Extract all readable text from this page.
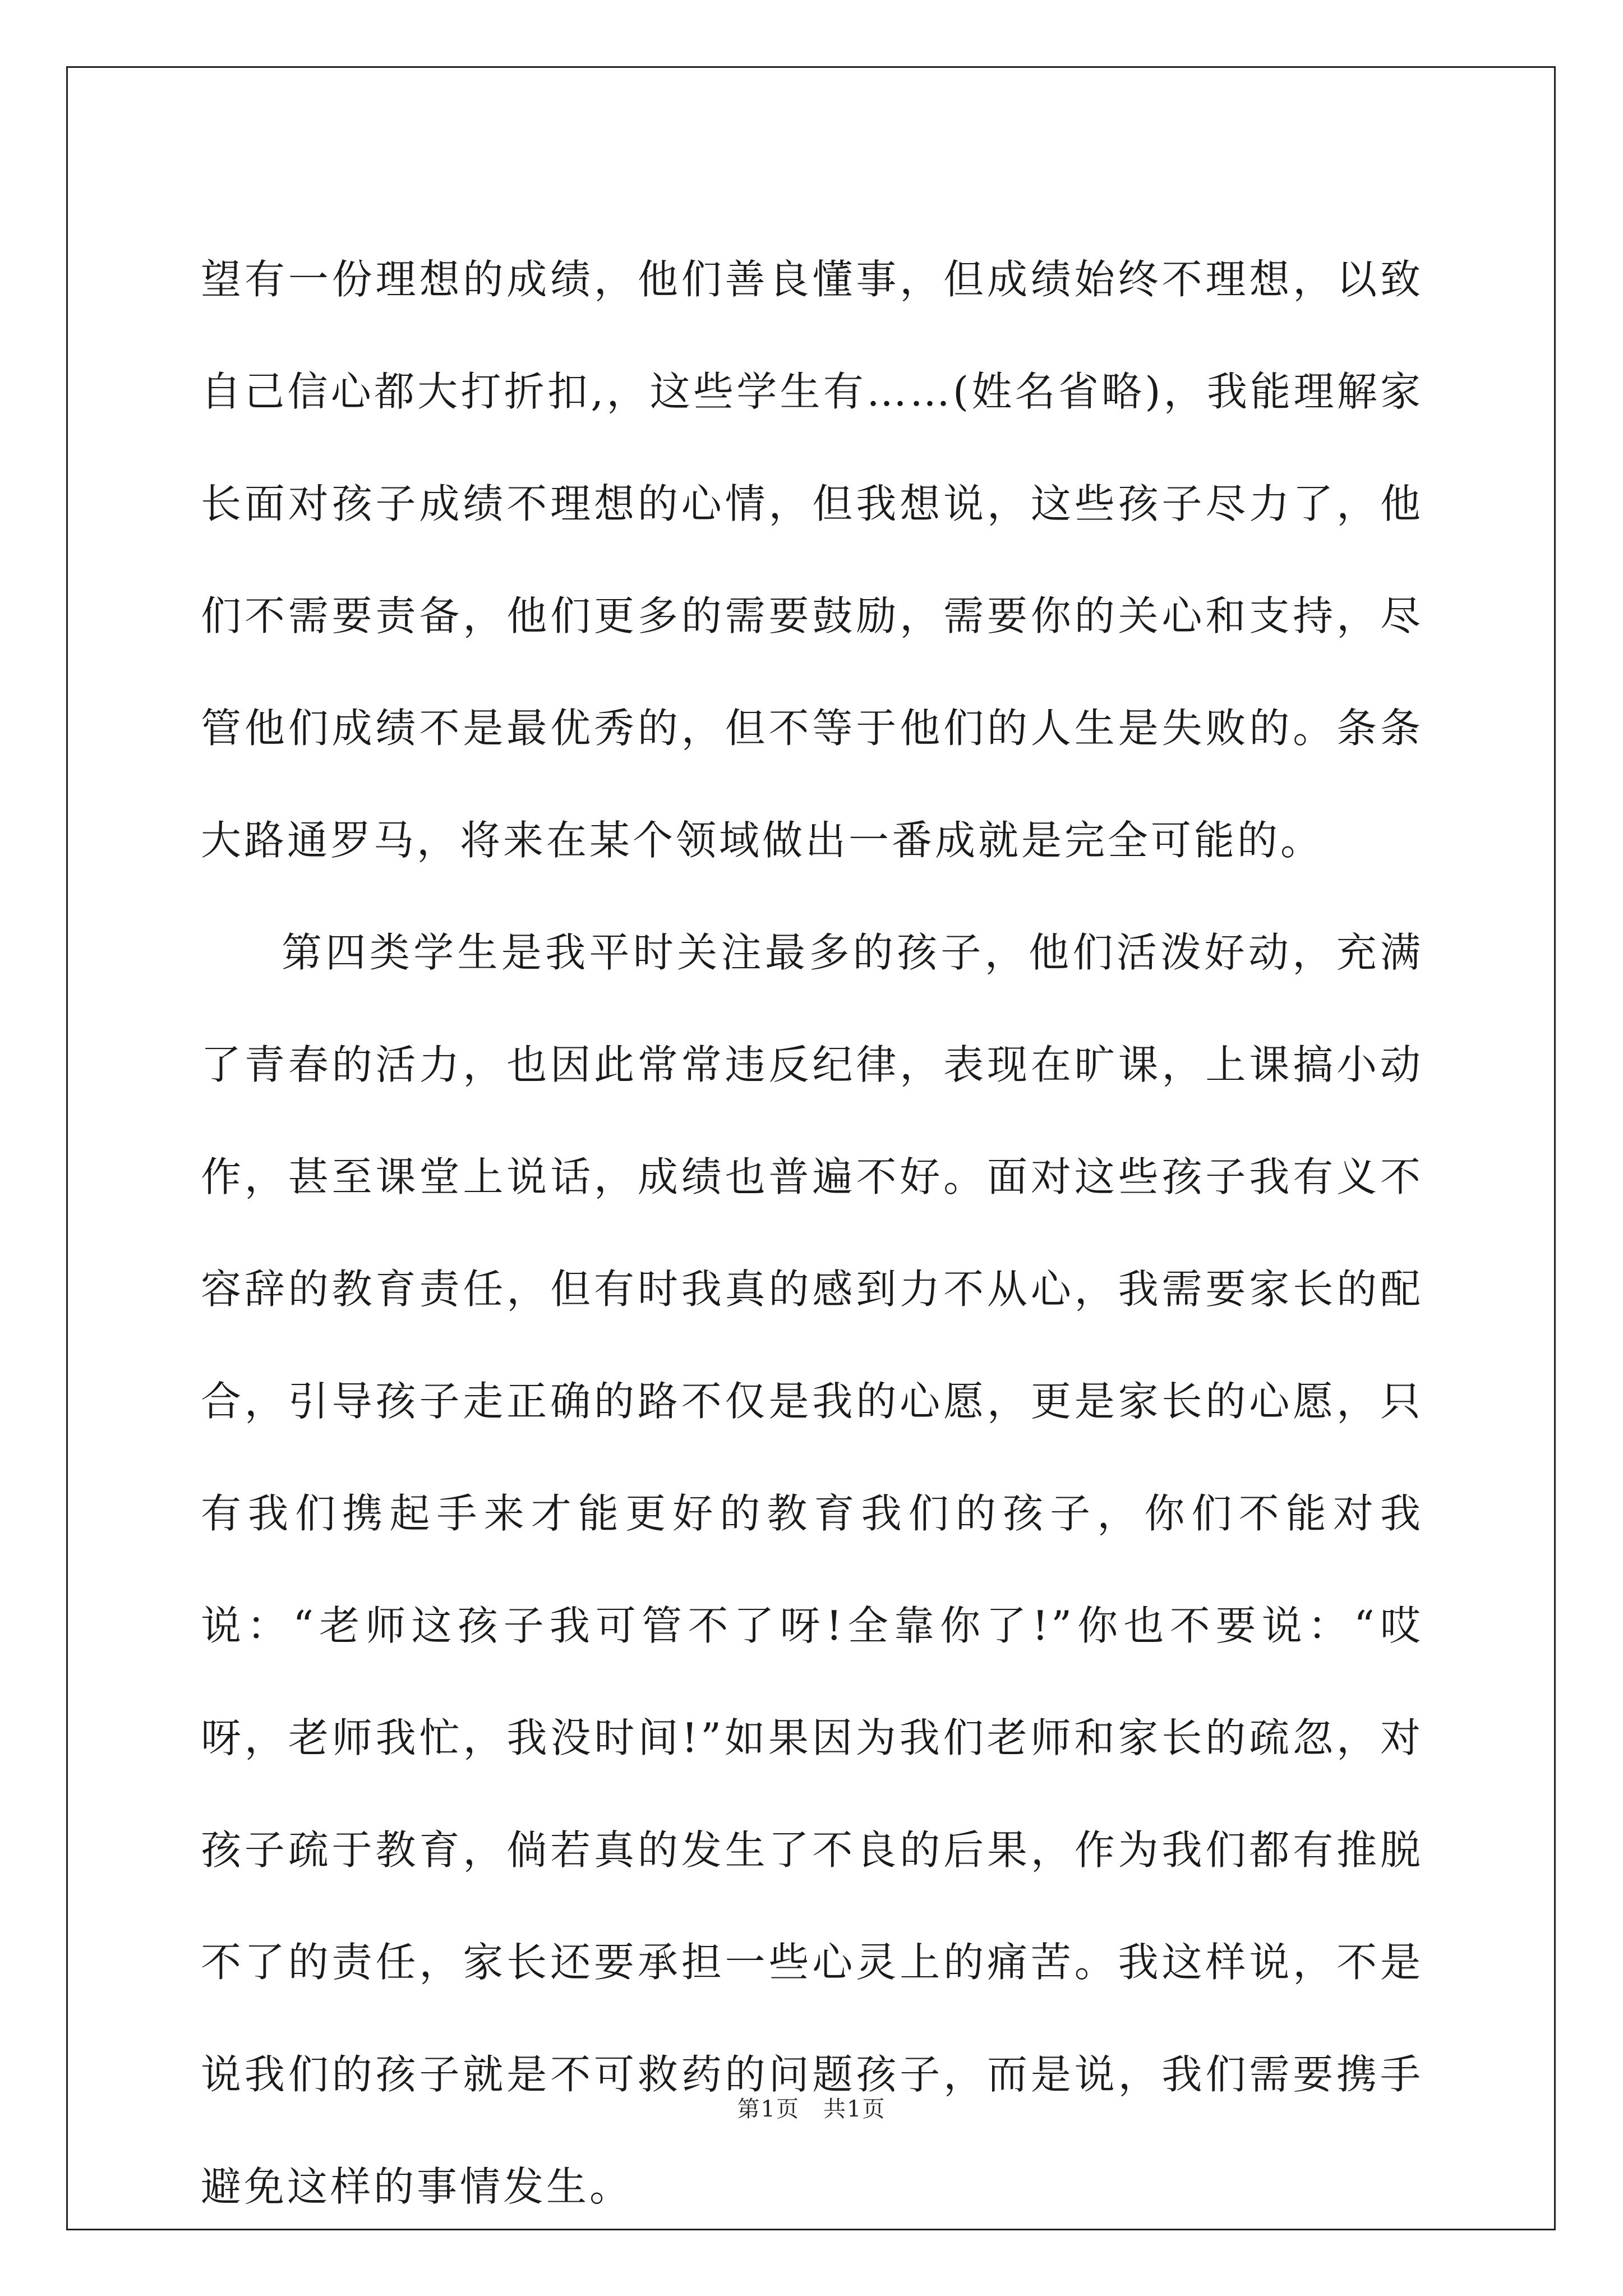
望有一份理想的成绩，他们善良懂事，但成绩始终不理想，以致自己信心都大打折扣,，这些学生有……(姓名省略)，我能理解家长面对孩子成绩不理想的心情，但我想说，这些孩子尽力了，他们不需要责备，他们更多的需要鼓励，需要你的关心和支持，尽管他们成绩不是最优秀的，但不等于他们的人生是失败的。条条大路通罗马，将来在某个领域做出一番成就是完全可能的。

第四类学生是我平时关注最多的孩子，他们活泼好动，充满了青春的活力，也因此常常违反纪律，表现在旷课，上课搞小动作，甚至课堂上说话，成绩也普遍不好。面对这些孩子我有义不容辞的教育责任，但有时我真的感到力不从心，我需要家长的配合，引导孩子走正确的路不仅是我的心愿，更是家长的心愿，只有我们携起手来才能更好的教育我们的孩子，你们不能对我说：“老师这孩子我可管不了呀!全靠你了!”你也不要说：“哎呀，老师我忙，我没时间!”如果因为我们老师和家长的疏忽，对孩子疏于教育，倘若真的发生了不良的后果，作为我们都有推脱不了的责任，家长还要承担一些心灵上的痛苦。我这样说，不是说我们的孩子就是不可救药的问题孩子，而是说，我们需要携手避免这样的事情发生。

第1页　共1页
